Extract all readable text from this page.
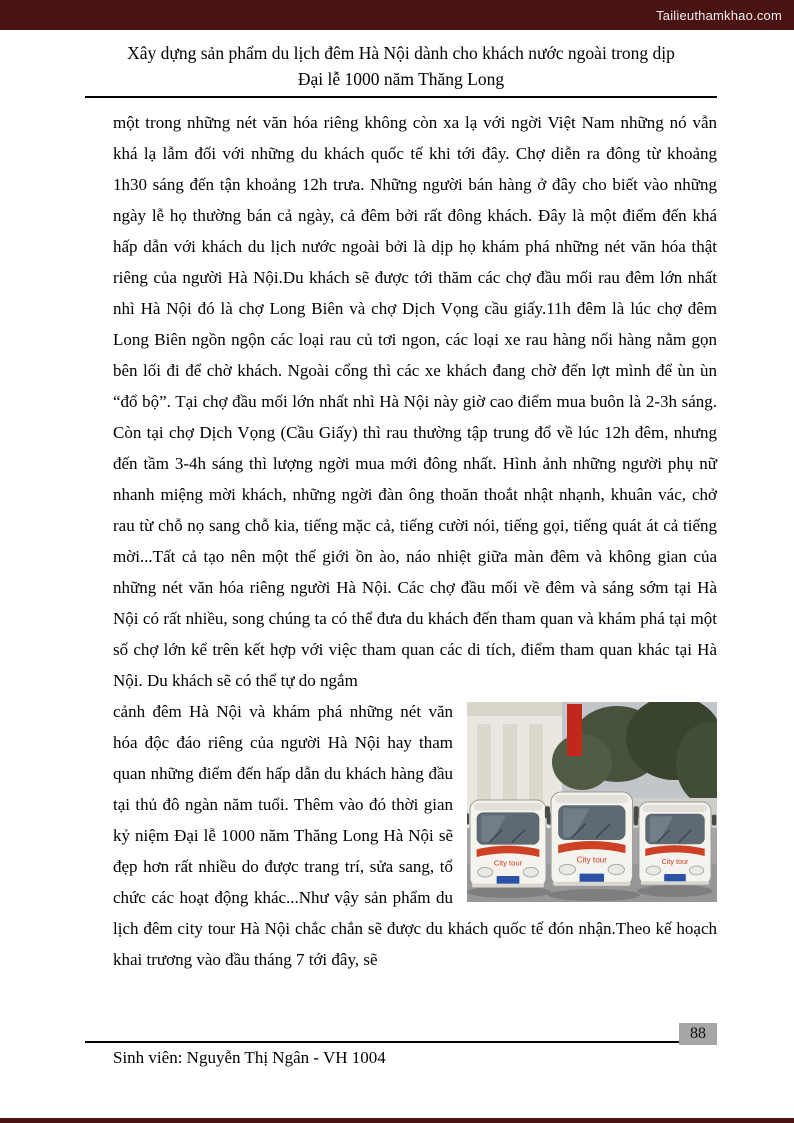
Tailieuthamkhao.com
Xây dựng sản phẩm du lịch đêm Hà Nội dành cho khách nước ngoài trong dịp
Đại lễ 1000 năm Thăng Long

một trong những nét văn hóa riêng không còn xa lạ với ngời Việt Nam những nó vẫn khá lạ lẫm đối với những du khách quốc tế khi tới đây. Chợ diễn ra đông từ khoảng 1h30 sáng đến tận khoảng 12h trưa. Những người bán hàng ở đây cho biết vào những ngày lễ họ thường bán cả ngày, cả đêm bởi rất đông khách. Đây là một điểm đến khá hấp dẫn với khách du lịch nước ngoài bởi là dịp họ khám phá những nét văn hóa thật riêng của người Hà Nội.Du khách sẽ được tới thăm các chợ đầu mối rau đêm lớn nhất nhì Hà Nội đó là chợ Long Biên và chợ Dịch Vọng cầu giấy.11h đêm là lúc chợ đêm Long Biên ngồn ngộn các loại rau củ tơi ngon, các loại xe rau hàng nối hàng nằm gọn bên lối đi để chờ khách. Ngoài cổng thì các xe khách đang chờ đến lợt mình để ùn ùn “đổ bộ”. Tại chợ đầu mối lớn nhất nhì Hà Nội này giờ cao điểm mua buôn là 2-3h sáng. Còn tại chợ Dịch Vọng (Cầu Giấy) thì rau thường tập trung đổ về lúc 12h đêm, nhưng đến tầm 3-4h sáng thì lượng ngời mua mới đông nhất. Hình ảnh những người phụ nữ nhanh miệng mời khách, những ngời đàn ông thoăn thoắt nhật nhạnh, khuân vác, chở rau từ chỗ nọ sang chỗ kia, tiếng mặc cả, tiếng cười nói, tiếng gọi, tiếng quát át cả tiếng mời...Tất cả tạo nên một thế giới ồn ào, náo nhiệt giữa màn đêm và không gian của những nét văn hóa riêng người Hà Nội. Các chợ đầu mối về đêm và sáng sớm tại Hà Nội có rất nhiều, song chúng ta có thể đưa du khách đến tham quan và khám phá tại một số chợ lớn kể trên kết hợp với việc tham quan các di tích, điểm tham quan khác tại Hà Nội. Du khách sẽ có thể tự do ngắm

cảnh đêm Hà Nội và khám phá những nét văn hóa độc đáo riêng của người Hà Nội hay tham quan những điểm đến hấp dẫn du khách hàng đầu tại thủ đô ngàn năm tuổi. Thêm vào đó thời gian kỷ niệm Đại lễ 1000 năm Thăng Long Hà Nội sẽ đẹp hơn rất nhiều do được trang trí, sửa sang, tổ chức các hoạt động khác...Như vậy sản phẩm du lịch đêm city tour Hà Nội chắc chắn sẽ được du khách quốc tế đón nhận.Theo kế hoạch khai trương vào đầu tháng 7 tới đây, sẽ

88
Sinh viên: Nguyễn Thị Ngân - VH 1004
